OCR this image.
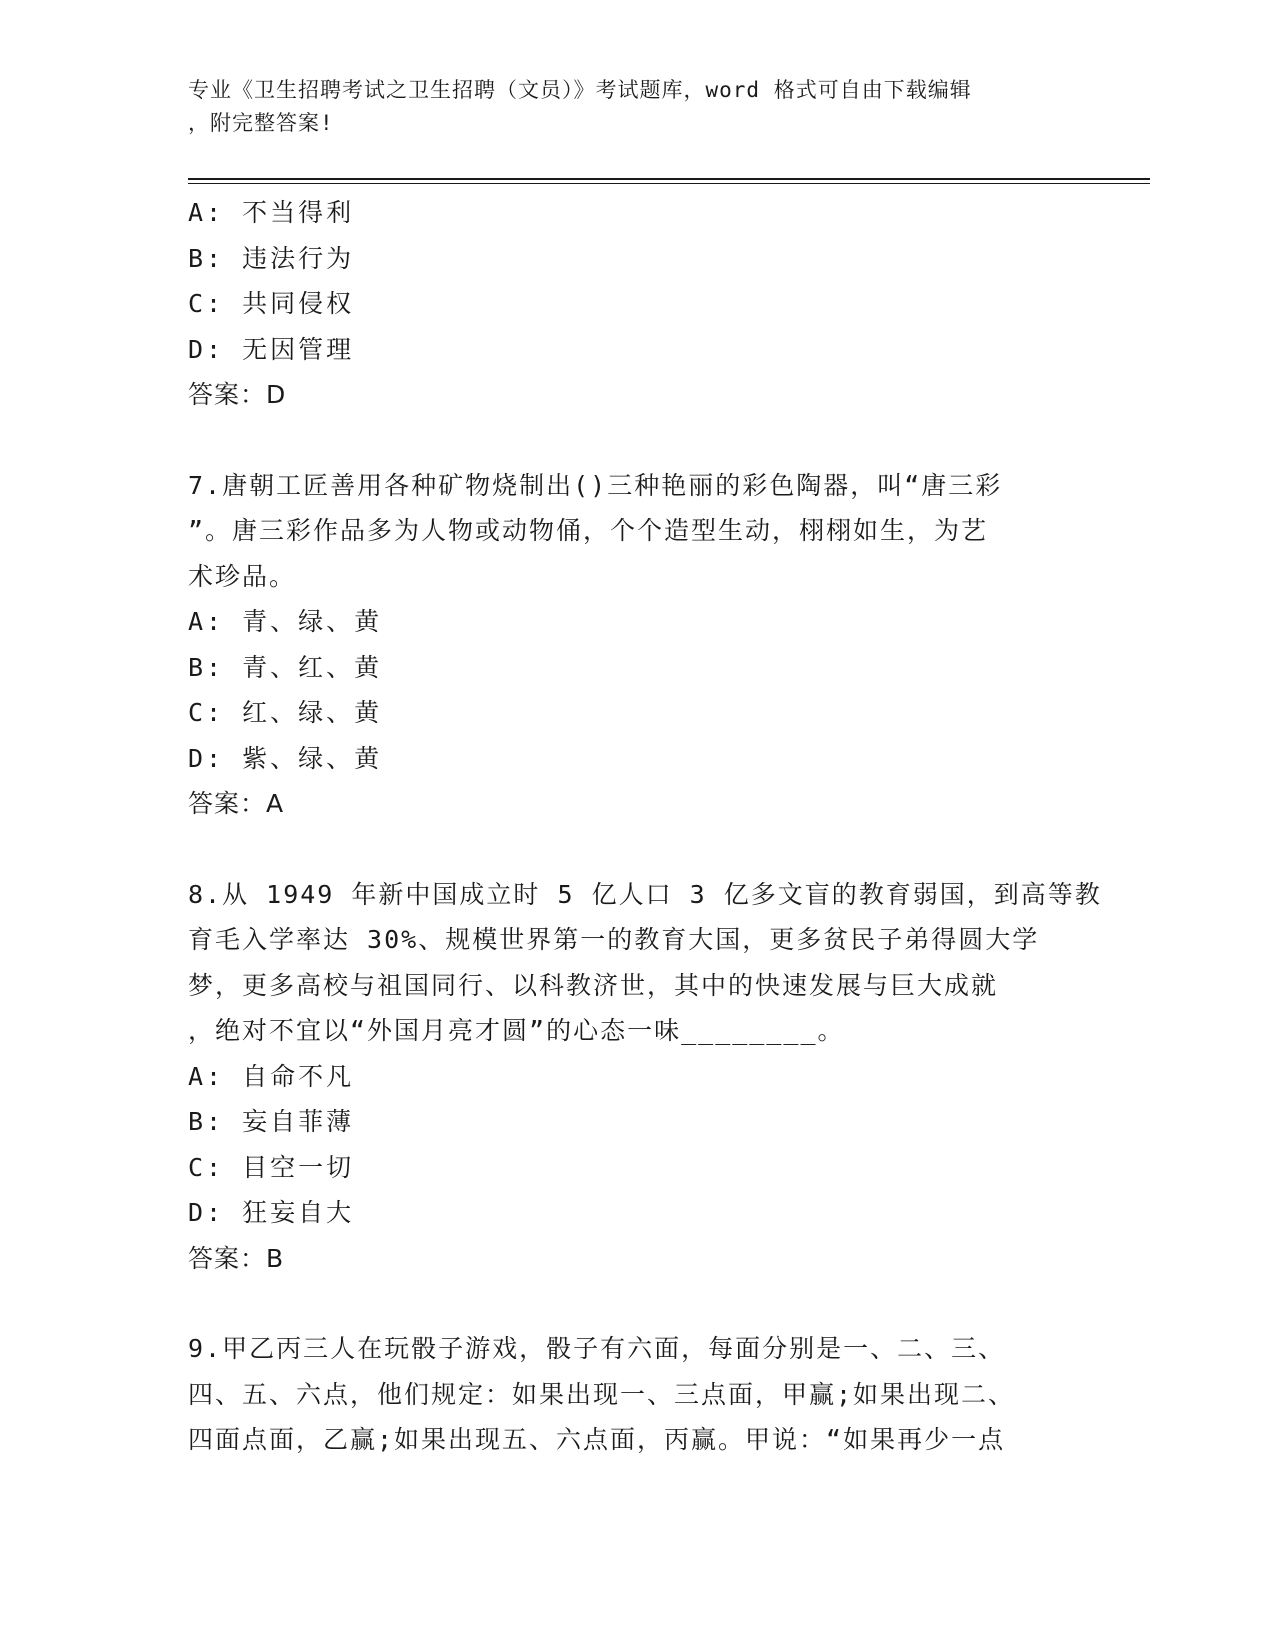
专业《卫生招聘考试之卫生招聘（文员）》考试题库，word 格式可自由下载编辑
，附完整答案!
A: 不当得利
B: 违法行为
C: 共同侵权
D: 无因管理
答案：D
7.唐朝工匠善用各种矿物烧制出()三种艳丽的彩色陶器，叫“唐三彩
”。唐三彩作品多为人物或动物俑，个个造型生动，栩栩如生，为艺
术珍品。
A: 青、绿、黄
B: 青、红、黄
C: 红、绿、黄
D: 紫、绿、黄
答案：A
8.从 1949 年新中国成立时 5 亿人口 3 亿多文盲的教育弱国，到高等教
育毛入学率达 30%、规模世界第一的教育大国，更多贫民子弟得圆大学
梦，更多高校与祖国同行、以科教济世，其中的快速发展与巨大成就
，绝对不宜以“外国月亮才圆”的心态一味________。
A: 自命不凡
B: 妄自菲薄
C: 目空一切
D: 狂妄自大
答案：B
9.甲乙丙三人在玩骰子游戏，骰子有六面，每面分别是一、二、三、
四、五、六点，他们规定：如果出现一、三点面，甲赢;如果出现二、
四面点面，乙赢;如果出现五、六点面，丙赢。甲说：“如果再少一点
